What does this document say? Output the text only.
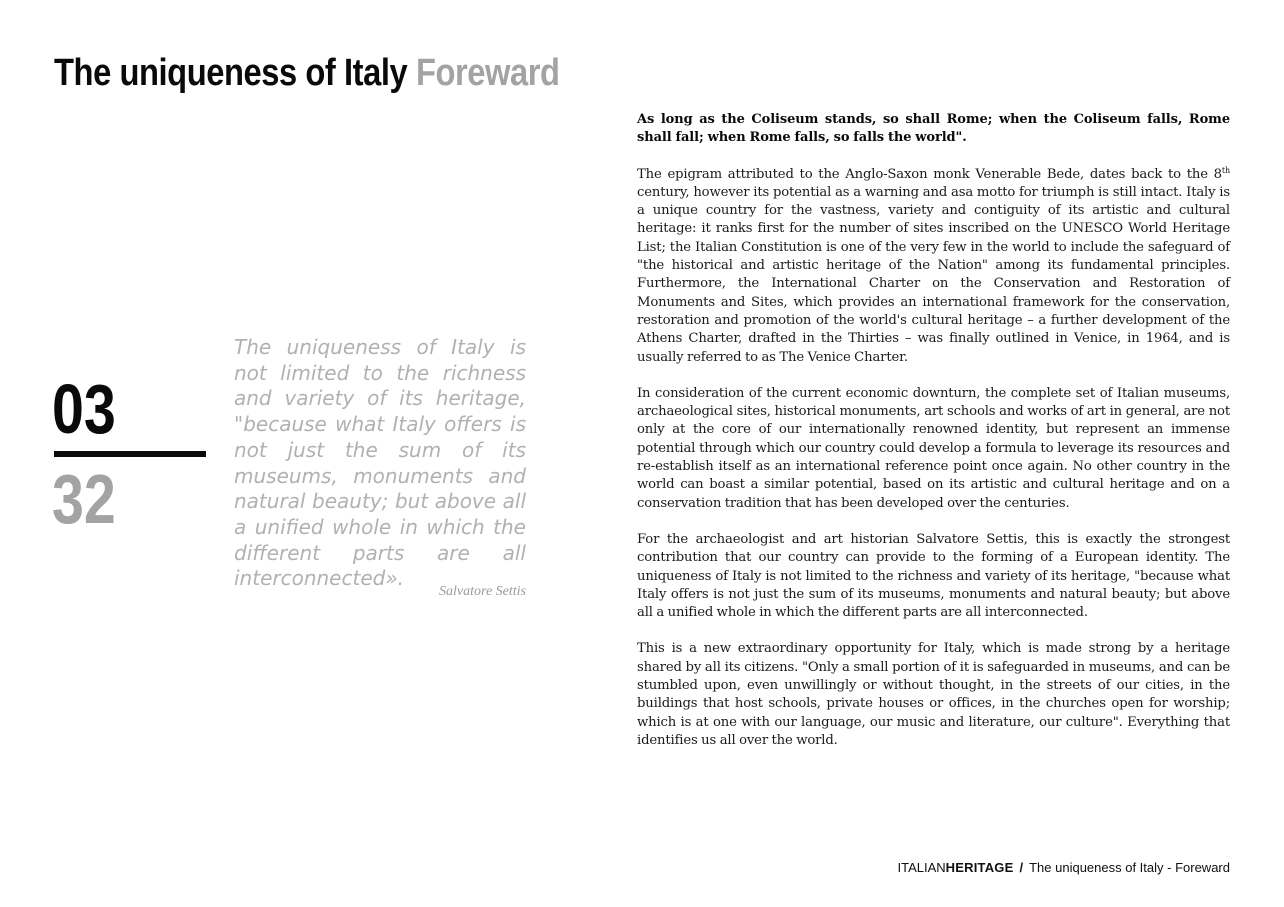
The uniqueness of Italy Foreward
03
32

The uniqueness of Italy is not limited to the richness and variety of its heritage, "because what Italy offers is not just the sum of its museums, monuments and natural beauty; but above all a unified whole in which the different parts are all interconnected».

Salvatore Settis

As long as the Coliseum stands, so shall Rome; when the Coliseum falls, Rome shall fall; when Rome falls, so falls the world".

The epigram attributed to the Anglo-Saxon monk Venerable Bede, dates back to the 8th century, however its potential as a warning and asa motto for triumph is still intact. Italy is a unique country for the vastness, variety and contiguity of its artistic and cultural heritage: it ranks first for the number of sites inscribed on the UNESCO World Heritage List; the Italian Constitution is one of the very few in the world to include the safeguard of "the historical and artistic heritage of the Nation" among its fundamental principles. Furthermore, the International Charter on the Conservation and Restoration of Monuments and Sites, which provides an international framework for the conservation, restoration and promotion of the world's cultural heritage – a further development of the Athens Charter, drafted in the Thirties – was finally outlined in Venice, in 1964, and is usually referred to as The Venice Charter.

In consideration of the current economic downturn, the complete set of Italian museums, archaeological sites, historical monuments, art schools and works of art in general, are not only at the core of our internationally renowned identity, but represent an immense potential through which our country could develop a formula to leverage its resources and re-establish itself as an international reference point once again. No other country in the world can boast a similar potential, based on its artistic and cultural heritage and on a conservation tradition that has been developed over the centuries.

For the archaeologist and art historian Salvatore Settis, this is exactly the strongest contribution that our country can provide to the forming of a European identity. The uniqueness of Italy is not limited to the richness and variety of its heritage, "because what Italy offers is not just the sum of its museums, monuments and natural beauty; but above all a unified whole in which the different parts are all interconnected.

This is a new extraordinary opportunity for Italy, which is made strong by a heritage shared by all its citizens. "Only a small portion of it is safeguarded in museums, and can be stumbled upon, even unwillingly or without thought, in the streets of our cities, in the buildings that host schools, private houses or offices, in the churches open for worship; which is at one with our language, our music and literature, our culture". Everything that identifies us all over the world.

ITALIANHERITAGE / The uniqueness of Italy - Foreward
